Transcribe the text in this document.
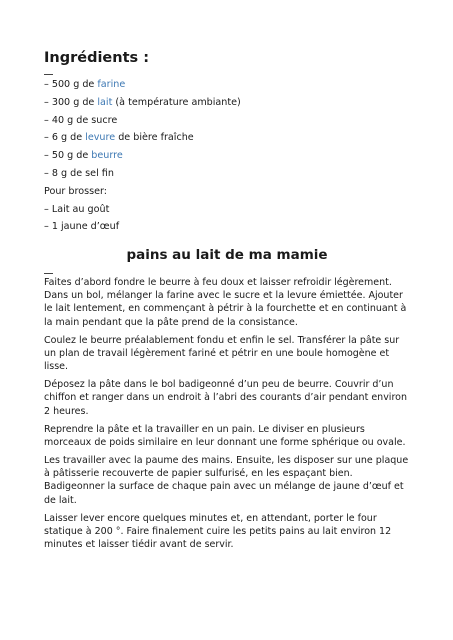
Ingrédients :
– 500 g de farine
– 300 g de lait (à température ambiante)
– 40 g de sucre
– 6 g de levure de bière fraîche
– 50 g de beurre
– 8 g de sel fin
Pour brosser:
– Lait au goût
– 1 jaune d’œuf
pains au lait de ma mamie

Faites d’abord fondre le beurre à feu doux et laisser refroidir légèrement. Dans un bol, mélanger la farine avec le sucre et la levure émiettée. Ajouter le lait lentement, en commençant à pétrir à la fourchette et en continuant à la main pendant que la pâte prend de la consistance.

Coulez le beurre préalablement fondu et enfin le sel. Transférer la pâte sur un plan de travail légèrement fariné et pétrir en une boule homogène et lisse.

Déposez la pâte dans le bol badigeonné d’un peu de beurre. Couvrir d’un chiffon et ranger dans un endroit à l’abri des courants d’air pendant environ 2 heures.

Reprendre la pâte et la travailler en un pain. Le diviser en plusieurs morceaux de poids similaire en leur donnant une forme sphérique ou ovale.

Les travailler avec la paume des mains. Ensuite, les disposer sur une plaque à pâtisserie recouverte de papier sulfurisé, en les espaçant bien. Badigeonner la surface de chaque pain avec un mélange de jaune d’œuf et de lait.

Laisser lever encore quelques minutes et, en attendant, porter le four statique à 200 °. Faire finalement cuire les petits pains au lait environ 12 minutes et laisser tiédir avant de servir.
